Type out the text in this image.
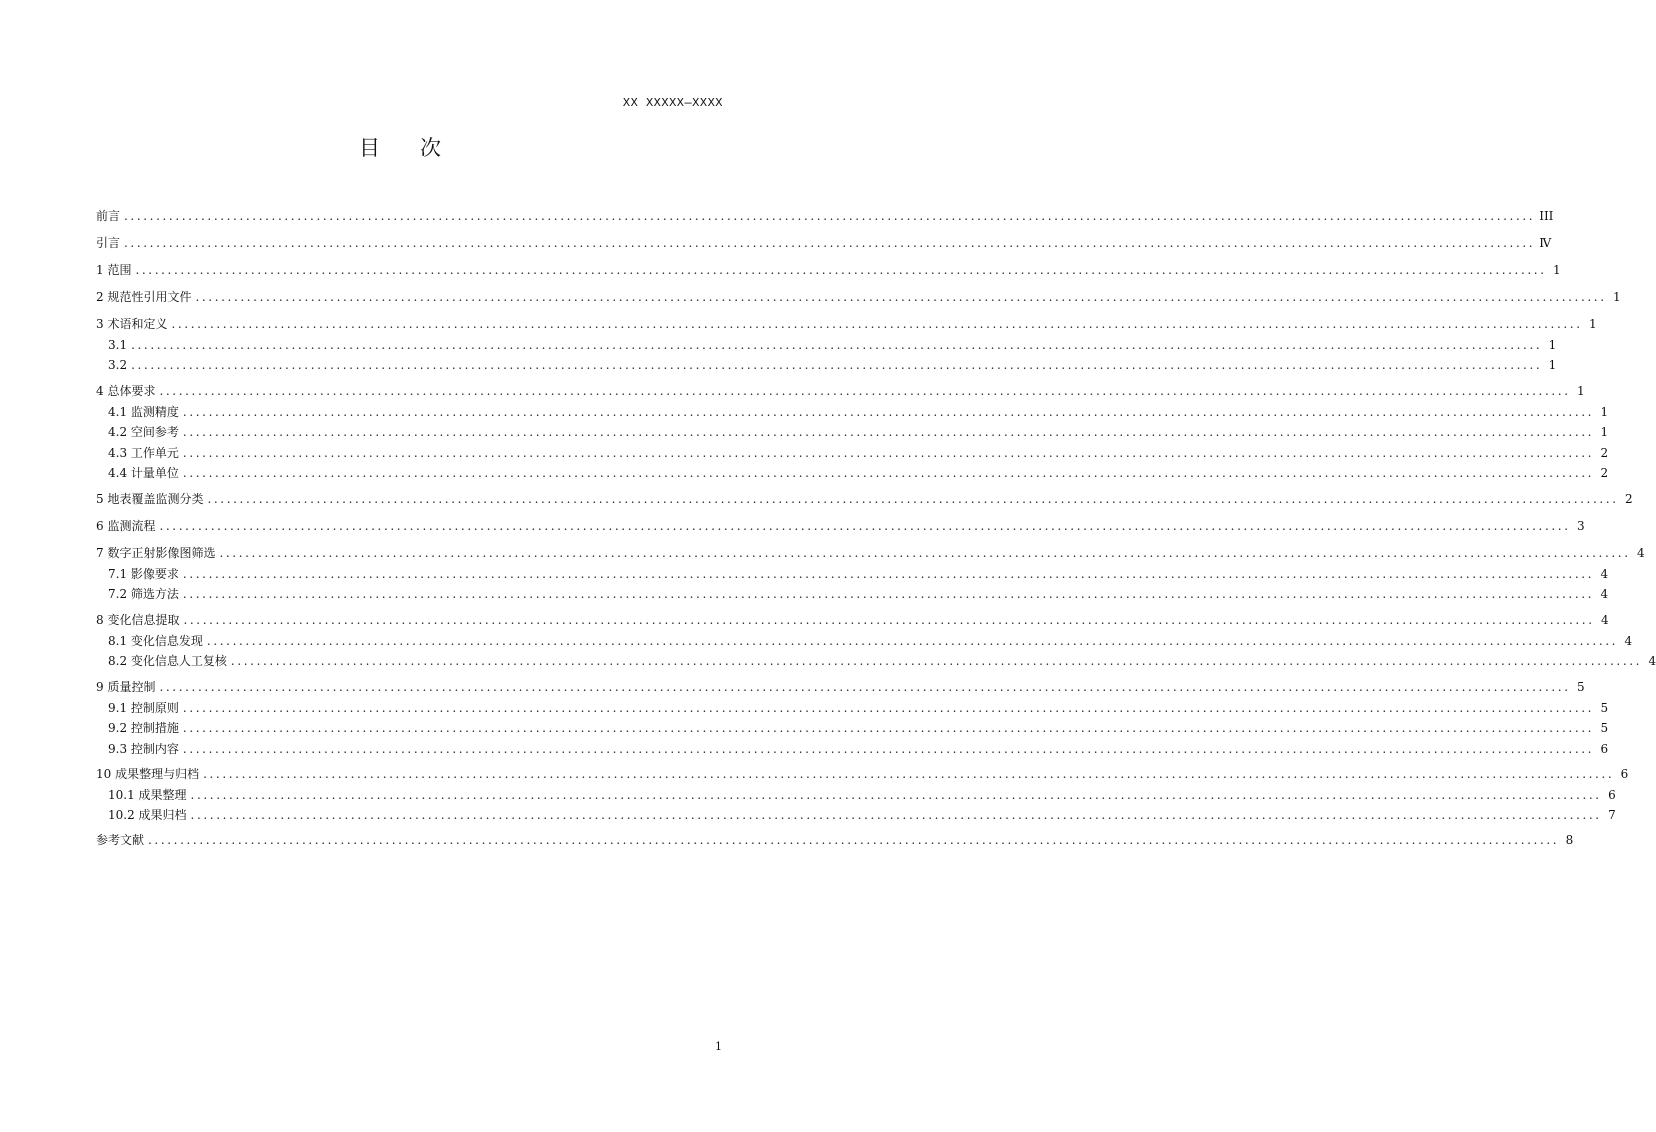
XX XXXXX—XXXX
目次
前言 ............................................................................................................................................................................................................................ III
引言 ............................................................................................................................................................................................................................ Ⅳ
1 范围 ............................................................................................................................................................................................................................ 1
2 规范性引用文件 ............................................................................................................................................................................................................................ 1
3 术语和定义 ............................................................................................................................................................................................................................ 1
3.1 ............................................................................................................................................................................................................................ 1
3.2 ............................................................................................................................................................................................................................ 1
4 总体要求 ............................................................................................................................................................................................................................ 1
4.1 监测精度 ............................................................................................................................................................................................................................ 1
4.2 空间参考 ............................................................................................................................................................................................................................ 1
4.3 工作单元 ............................................................................................................................................................................................................................ 2
4.4 计量单位 ............................................................................................................................................................................................................................ 2
5 地表覆盖监测分类 ............................................................................................................................................................................................................................ 2
6 监测流程 ............................................................................................................................................................................................................................ 3
7 数字正射影像图筛选 ............................................................................................................................................................................................................................ 4
7.1 影像要求 ............................................................................................................................................................................................................................ 4
7.2 筛选方法 ............................................................................................................................................................................................................................ 4
8 变化信息提取 ............................................................................................................................................................................................................................ 4
8.1 变化信息发现 ............................................................................................................................................................................................................................ 4
8.2 变化信息人工复核 ............................................................................................................................................................................................................................ 4
9 质量控制 ............................................................................................................................................................................................................................ 5
9.1 控制原则 ............................................................................................................................................................................................................................ 5
9.2 控制措施 ............................................................................................................................................................................................................................ 5
9.3 控制内容 ............................................................................................................................................................................................................................ 6
10 成果整理与归档 ............................................................................................................................................................................................................................ 6
10.1 成果整理 ............................................................................................................................................................................................................................ 6
10.2 成果归档 ............................................................................................................................................................................................................................ 7
参考文献 ............................................................................................................................................................................................................................ 8
1
